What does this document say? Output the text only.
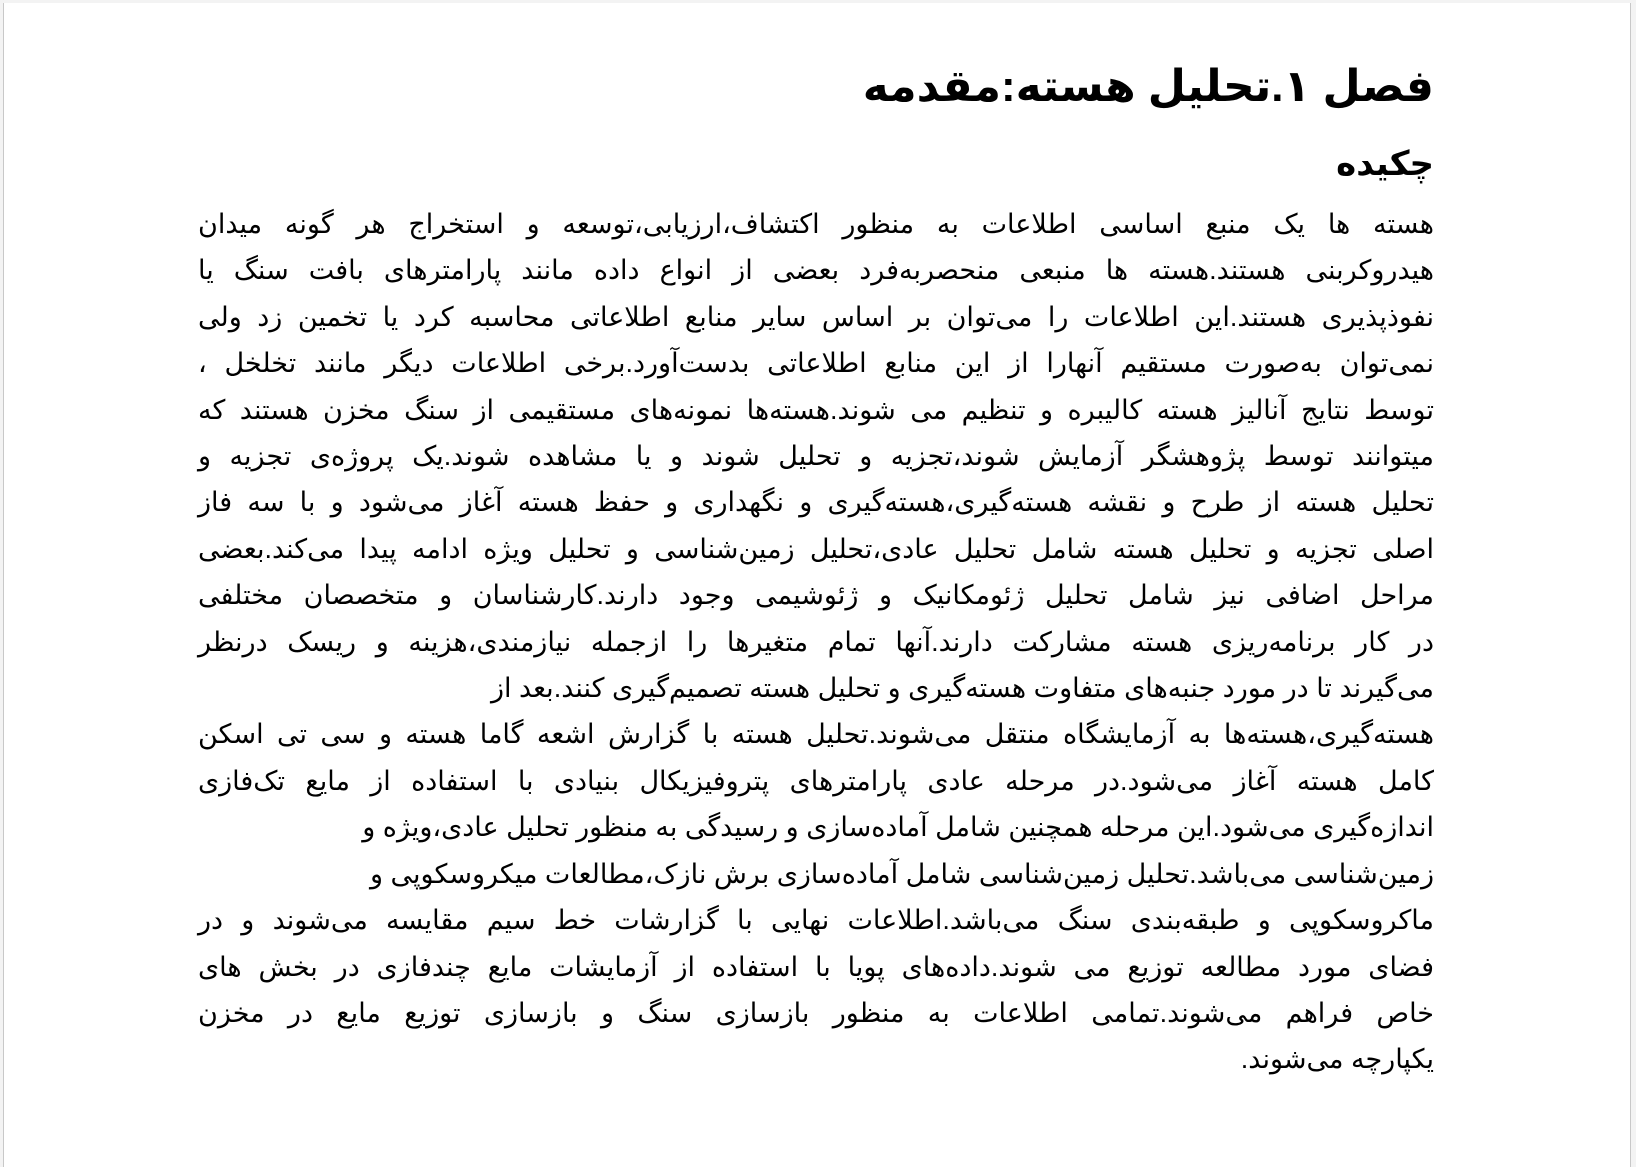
فصل ۱.تحلیل هسته:مقدمه
چکیده
هسته ها یک منبع اساسی اطلاعات به منظور اکتشاف،ارزیابی،توسعه و استخراج هر گونه میدان
هیدروکربنی هستند.هسته ها منبعی منحصربه‌فرد بعضی از انواع داده مانند پارامترهای بافت سنگ یا
نفوذپذیری هستند.این اطلاعات را می‌توان بر اساس سایر منابع اطلاعاتی محاسبه کرد یا تخمین زد ولی
نمی‌توان به‌صورت مستقیم آنهارا از این منابع اطلاعاتی بدست‌آورد.برخی اطلاعات دیگر مانند تخلخل ،
توسط نتایج آنالیز هسته کالیبره و تنظیم می شوند.هسته‌ها نمونه‌های مستقیمی از سنگ مخزن هستند که
میتوانند توسط پژوهشگر آزمایش شوند،تجزیه و تحلیل شوند و یا مشاهده شوند.یک پروژه‌ی تجزیه و
تحلیل هسته از طرح و نقشه هسته‌گیری،هسته‌گیری و نگهداری و حفظ هسته آغاز می‌شود و با سه فاز
اصلی تجزیه و تحلیل هسته شامل تحلیل عادی،تحلیل زمین‌شناسی و تحلیل ویژه ادامه پیدا می‌کند.بعضی
مراحل اضافی نیز شامل تحلیل ژئومکانیک و ژئوشیمی وجود دارند.کارشناسان و متخصصان مختلفی
در کار برنامه‌ریزی هسته مشارکت دارند.آنها تمام متغیرها را ازجمله نیازمندی،هزینه و ریسک درنظر
می‌گیرند تا در مورد جنبه‌های متفاوت هسته‌گیری و تحلیل هسته تصمیم‌گیری کنند.بعد از
هسته‌گیری،هسته‌ها به آزمایشگاه منتقل می‌شوند.تحلیل هسته با گزارش اشعه گاما هسته و سی تی اسکن
کامل هسته آغاز می‌شود.در مرحله عادی پارامترهای پتروفیزیکال بنیادی با استفاده از مایع تک‌فازی
اندازه‌گیری می‌شود.این مرحله همچنین شامل آماده‌سازی و رسیدگی به منظور تحلیل عادی،ویژه و
زمین‌شناسی می‌باشد.تحلیل زمین‌شناسی شامل آماده‌سازی برش نازک،مطالعات میکروسکوپی و
ماکروسکوپی و طبقه‌بندی سنگ می‌باشد.اطلاعات نهایی با گزارشات خط سیم مقایسه می‌شوند و در
فضای مورد مطالعه توزیع می شوند.داده‌های پویا با استفاده از آزمایشات مایع چندفازی در بخش های
خاص فراهم می‌شوند.تمامی اطلاعات به منظور بازسازی سنگ و بازسازی توزیع مایع در مخزن
یکپارچه می‌شوند.
